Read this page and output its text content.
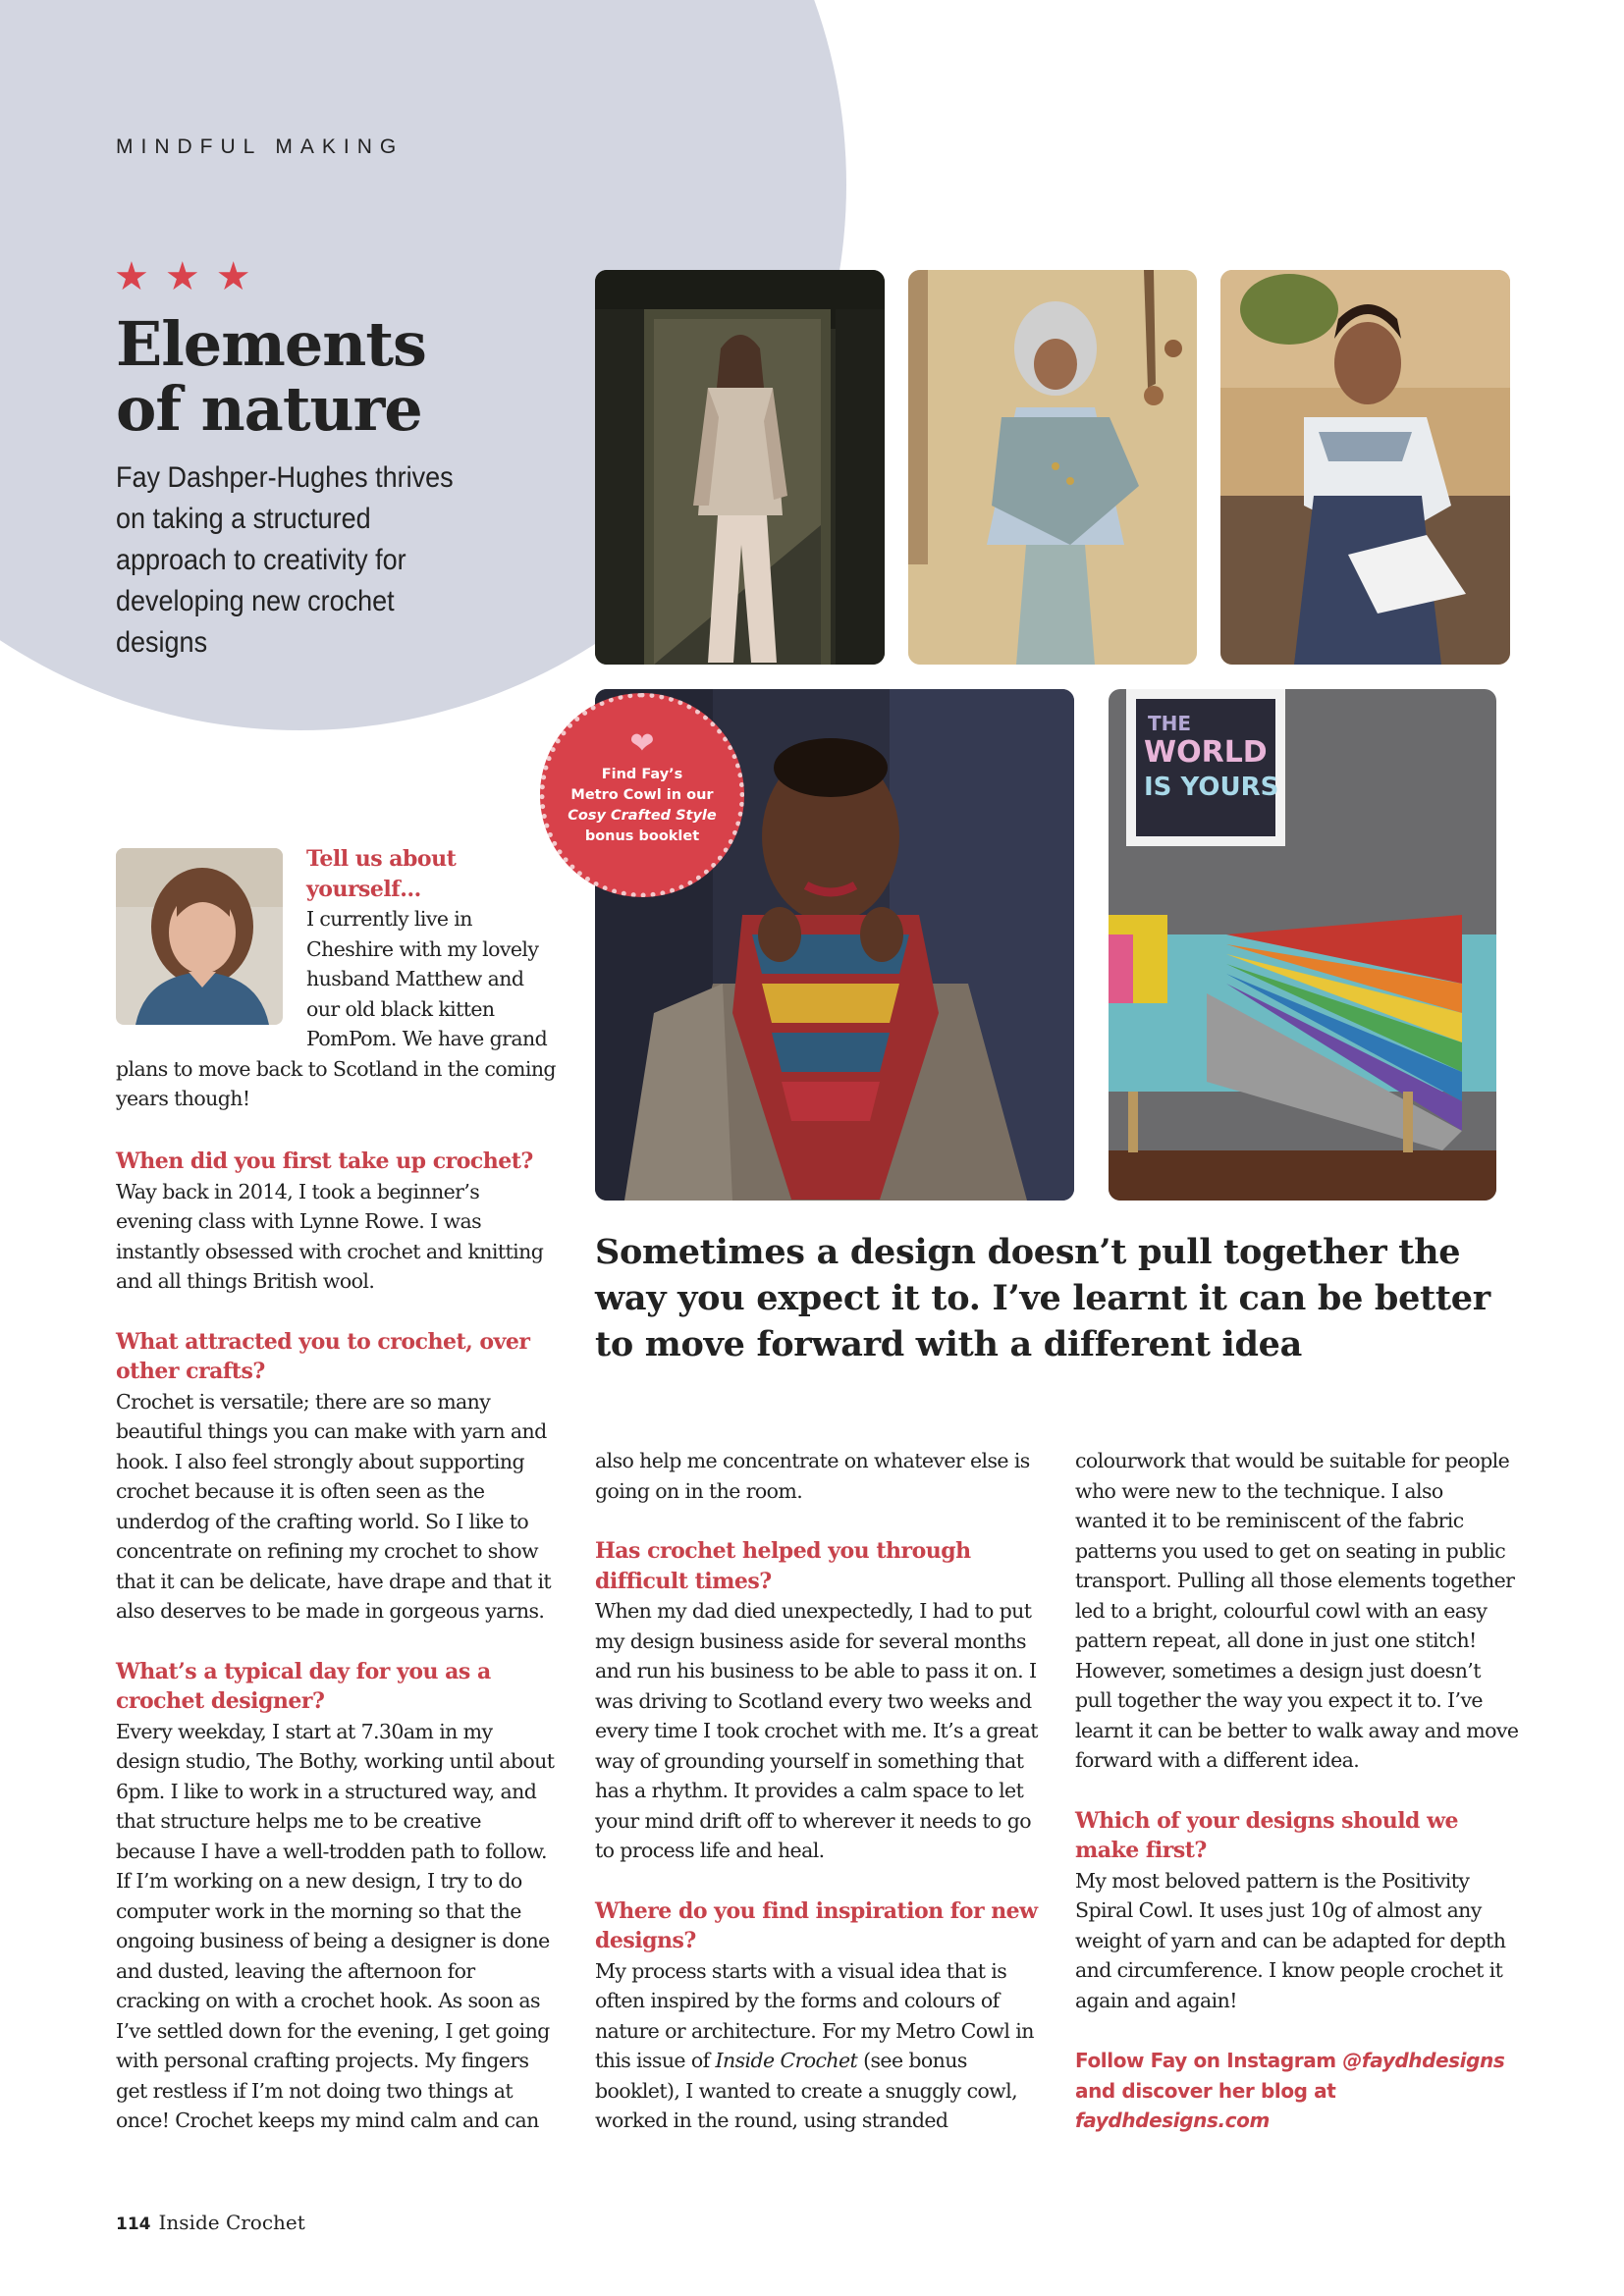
MINDFUL MAKING
★ ★ ★
Elements
of nature
Fay Dashper-Hughes thrives on taking a structured approach to creativity for developing new crochet designs
THE
WORLD
IS YOURS
❤
Find Fay’s
Metro Cowl in our
Cosy Crafted Style
bonus booklet
Sometimes a design doesn’t pull together the way you expect it to. I’ve learnt it can be better to move forward with a different idea
Tell us about yourself…

I currently live in Cheshire with my lovely husband Matthew and our old black kitten PomPom. We have grand plans to move back to Scotland in the coming years though!

When did you first take up crochet?

Way back in 2014, I took a beginner’s evening class with Lynne Rowe. I was instantly obsessed with crochet and knitting and all things British wool.

What attracted you to crochet, over other crafts?

Crochet is versatile; there are so many beautiful things you can make with yarn and hook. I also feel strongly about supporting crochet because it is often seen as the underdog of the crafting world. So I like to concentrate on refining my crochet to show that it can be delicate, have drape and that it also deserves to be made in gorgeous yarns.

What’s a typical day for you as a crochet designer?

Every weekday, I start at 7.30am in my design studio, The Bothy, working until about 6pm. I like to work in a structured way, and that structure helps me to be creative because I have a well-trodden path to follow. If I’m working on a new design, I try to do computer work in the morning so that the ongoing business of being a designer is done and dusted, leaving the afternoon for cracking on with a crochet hook. As soon as I’ve settled down for the evening, I get going with personal crafting projects. My fingers get restless if I’m not doing two things at once! Crochet keeps my mind calm and can

also help me concentrate on whatever else is going on in the room.

Has crochet helped you through difficult times?

When my dad died unexpectedly, I had to put my design business aside for several months and run his business to be able to pass it on. I was driving to Scotland every two weeks and every time I took crochet with me. It’s a great way of grounding yourself in something that has a rhythm. It provides a calm space to let your mind drift off to wherever it needs to go to process life and heal.

Where do you find inspiration for new designs?

My process starts with a visual idea that is often inspired by the forms and colours of nature or architecture. For my Metro Cowl in this issue of Inside Crochet (see bonus booklet), I wanted to create a snuggly cowl, worked in the round, using stranded

colourwork that would be suitable for people who were new to the technique. I also wanted it to be reminiscent of the fabric patterns you used to get on seating in public transport. Pulling all those elements together led to a bright, colourful cowl with an easy pattern repeat, all done in just one stitch! However, sometimes a design just doesn’t pull together the way you expect it to. I’ve learnt it can be better to walk away and move forward with a different idea.

Which of your designs should we make first?

My most beloved pattern is the Positivity Spiral Cowl. It uses just 10g of almost any weight of yarn and can be adapted for depth and circumference. I know people crochet it again and again!

Follow Fay on Instagram @faydhdesigns and discover her blog at faydhdesigns.com

114 Inside Crochet
